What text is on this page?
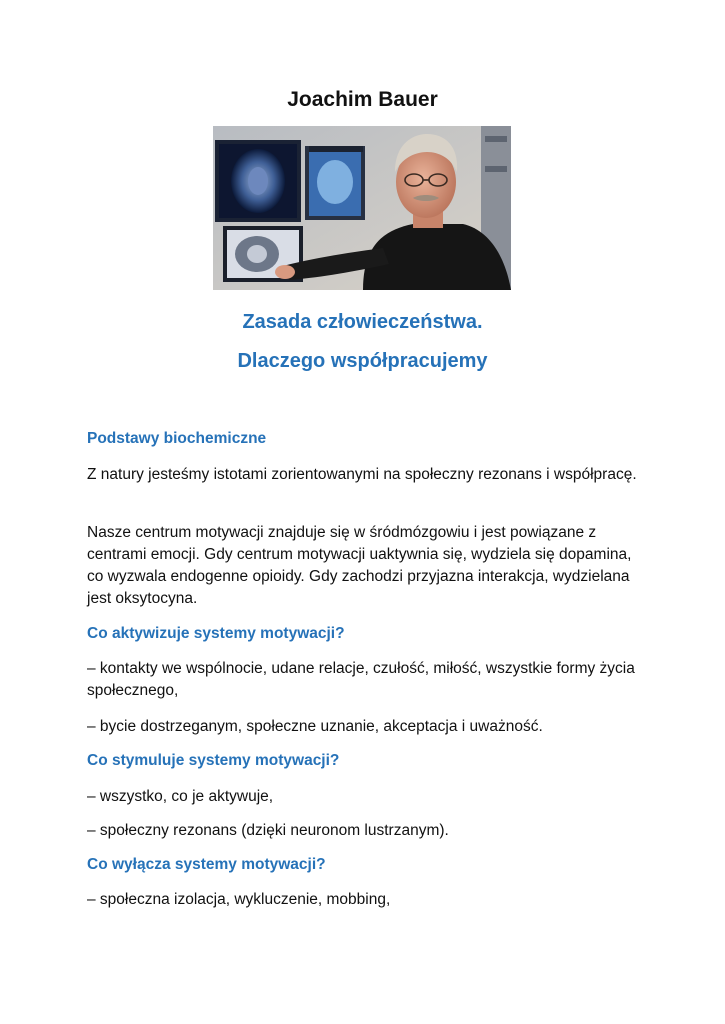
Joachim Bauer
Zasada człowieczeństwa.
Dlaczego współpracujemy
Podstawy biochemiczne

Z natury jesteśmy istotami zorientowanymi na społeczny rezonans i współpracę.

Nasze centrum motywacji znajduje się w śródmózgowiu i jest powiązane z centrami emocji. Gdy centrum motywacji uaktywnia się, wydziela się dopamina, co wyzwala endogenne opioidy. Gdy zachodzi przyjazna interakcja, wydzielana jest oksytocyna.

Co aktywizuje systemy motywacji?

– kontakty we wspólnocie, udane relacje, czułość, miłość, wszystkie formy życia społecznego,

– bycie dostrzeganym, społeczne uznanie, akceptacja i uważność.

Co stymuluje systemy motywacji?

– wszystko, co je aktywuje,

– społeczny rezonans (dzięki neuronom lustrzanym).

Co wyłącza systemy motywacji?

– społeczna izolacja, wykluczenie, mobbing,
